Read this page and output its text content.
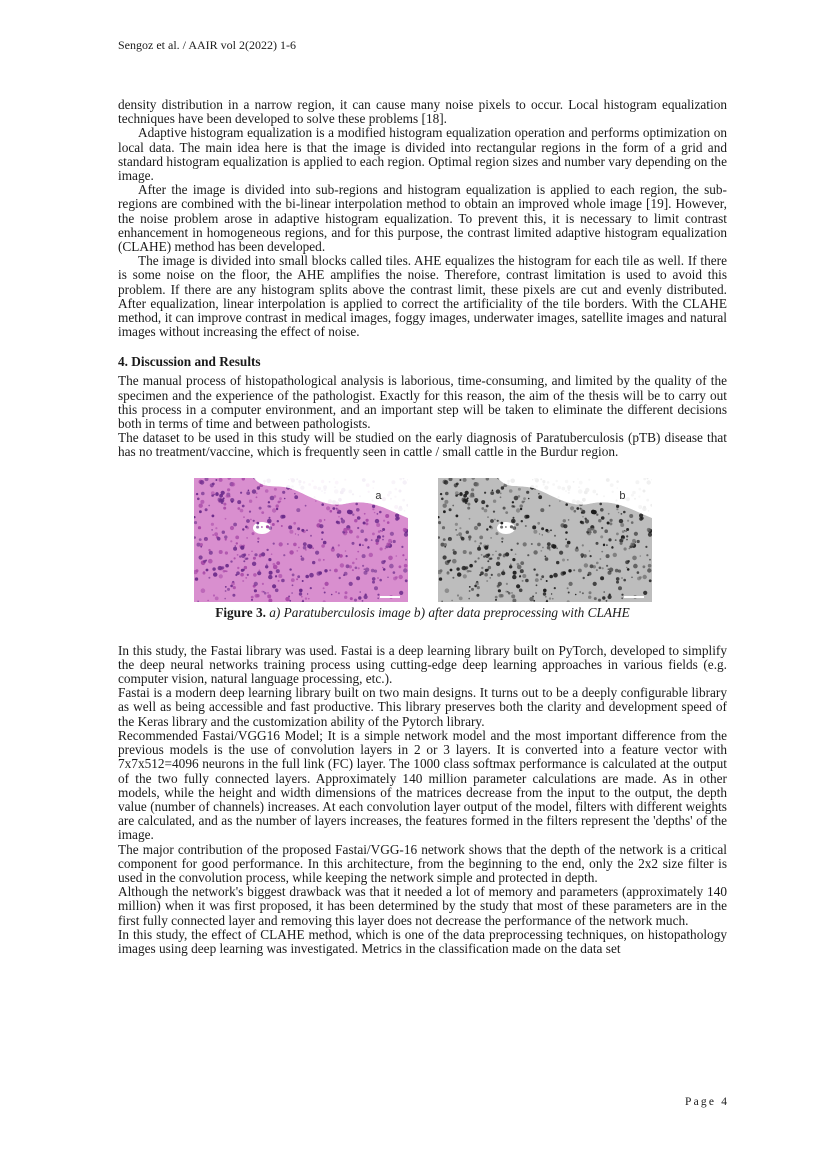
Sengoz et al. / AAIR vol 2(2022) 1-6

density distribution in a narrow region, it can cause many noise pixels to occur. Local histogram equalization techniques have been developed to solve these problems [18].

Adaptive histogram equalization is a modified histogram equalization operation and performs optimization on local data. The main idea here is that the image is divided into rectangular regions in the form of a grid and standard histogram equalization is applied to each region. Optimal region sizes and number vary depending on the image.

After the image is divided into sub-regions and histogram equalization is applied to each region, the sub-regions are combined with the bi-linear interpolation method to obtain an improved whole image [19]. However, the noise problem arose in adaptive histogram equalization. To prevent this, it is necessary to limit contrast enhancement in homogeneous regions, and for this purpose, the contrast limited adaptive histogram equalization (CLAHE) method has been developed.

The image is divided into small blocks called tiles. AHE equalizes the histogram for each tile as well. If there is some noise on the floor, the AHE amplifies the noise. Therefore, contrast limitation is used to avoid this problem. If there are any histogram splits above the contrast limit, these pixels are cut and evenly distributed. After equalization, linear interpolation is applied to correct the artificiality of the tile borders. With the CLAHE method, it can improve contrast in medical images, foggy images, underwater images, satellite images and natural images without increasing the effect of noise.

4. Discussion and Results

The manual process of histopathological analysis is laborious, time-consuming, and limited by the quality of the specimen and the experience of the pathologist. Exactly for this reason, the aim of the thesis will be to carry out this process in a computer environment, and an important step will be taken to eliminate the different decisions both in terms of time and between pathologists.

The dataset to be used in this study will be studied on the early diagnosis of Paratuberculosis (pTB) disease that has no treatment/vaccine, which is frequently seen in cattle / small cattle in the Burdur region.

a	b
Figure 3. a) Paratuberculosis image b) after data preprocessing with CLAHE

In this study, the Fastai library was used. Fastai is a deep learning library built on PyTorch, developed to simplify the deep neural networks training process using cutting-edge deep learning approaches in various fields (e.g. computer vision, natural language processing, etc.).

Fastai is a modern deep learning library built on two main designs. It turns out to be a deeply configurable library as well as being accessible and fast productive. This library preserves both the clarity and development speed of the Keras library and the customization ability of the Pytorch library.

Recommended Fastai/VGG16 Model; It is a simple network model and the most important difference from the previous models is the use of convolution layers in 2 or 3 layers. It is converted into a feature vector with 7x7x512=4096 neurons in the full link (FC) layer. The 1000 class softmax performance is calculated at the output of the two fully connected layers. Approximately 140 million parameter calculations are made. As in other models, while the height and width dimensions of the matrices decrease from the input to the output, the depth value (number of channels) increases. At each convolution layer output of the model, filters with different weights are calculated, and as the number of layers increases, the features formed in the filters represent the 'depths' of the image.

The major contribution of the proposed Fastai/VGG-16 network shows that the depth of the network is a critical component for good performance. In this architecture, from the beginning to the end, only the 2x2 size filter is used in the convolution process, while keeping the network simple and protected in depth.

Although the network's biggest drawback was that it needed a lot of memory and parameters (approximately 140 million) when it was first proposed, it has been determined by the study that most of these parameters are in the first fully connected layer and removing this layer does not decrease the performance of the network much.

In this study, the effect of CLAHE method, which is one of the data preprocessing techniques, on histopathology images using deep learning was investigated. Metrics in the classification made on the data set

Page 4
